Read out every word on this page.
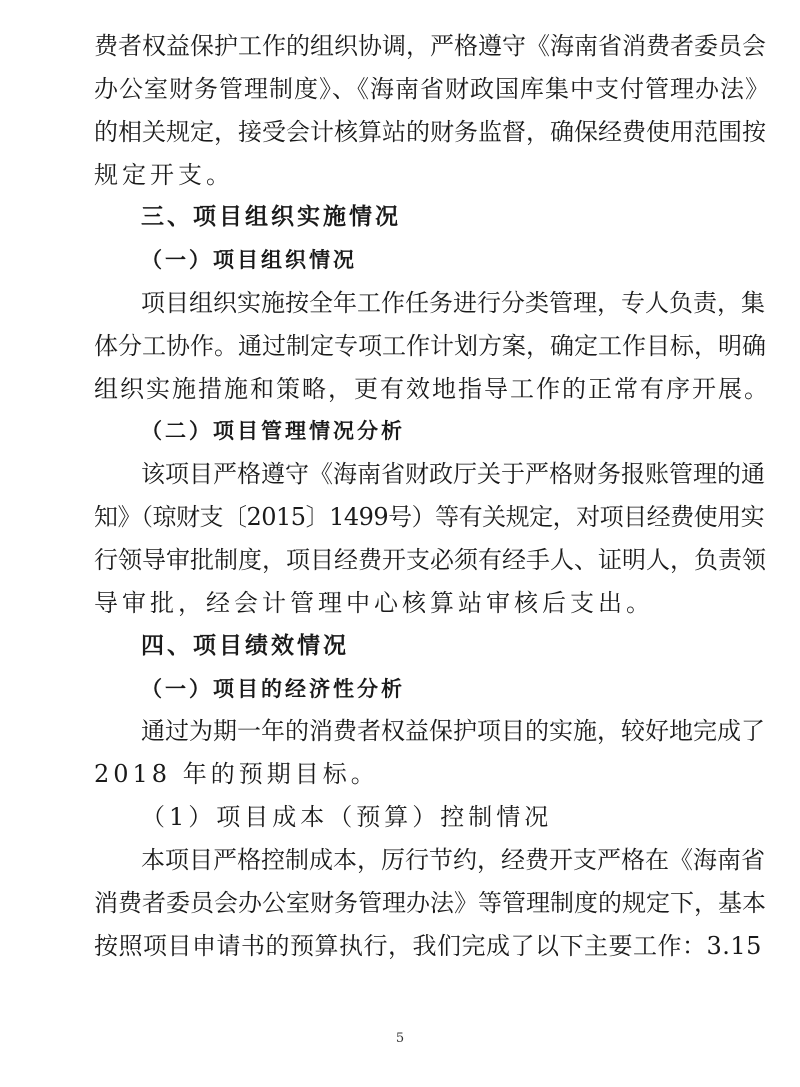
费者权益保护工作的组织协调，严格遵守《海南省消费者委员会
办公室财务管理制度》、《海南省财政国库集中支付管理办法》
的相关规定，接受会计核算站的财务监督，确保经费使用范围按
规定开支。
三、项目组织实施情况
（一）项目组织情况
项目组织实施按全年工作任务进行分类管理，专人负责，集
体分工协作。通过制定专项工作计划方案，确定工作目标，明确
组织实施措施和策略，更有效地指导工作的正常有序开展。
（二）项目管理情况分析
该项目严格遵守《海南省财政厅关于严格财务报账管理的通
知》（琼财支〔2015〕1499号）等有关规定，对项目经费使用实
行领导审批制度，项目经费开支必须有经手人、证明人，负责领
导审批，经会计管理中心核算站审核后支出。
四、项目绩效情况
（一）项目的经济性分析
通过为期一年的消费者权益保护项目的实施，较好地完成了
2018 年的预期目标。
（1）项目成本（预算）控制情况
本项目严格控制成本，厉行节约，经费开支严格在《海南省
消费者委员会办公室财务管理办法》等管理制度的规定下，基本
按照项目申请书的预算执行，我们完成了以下主要工作：3.15
5
